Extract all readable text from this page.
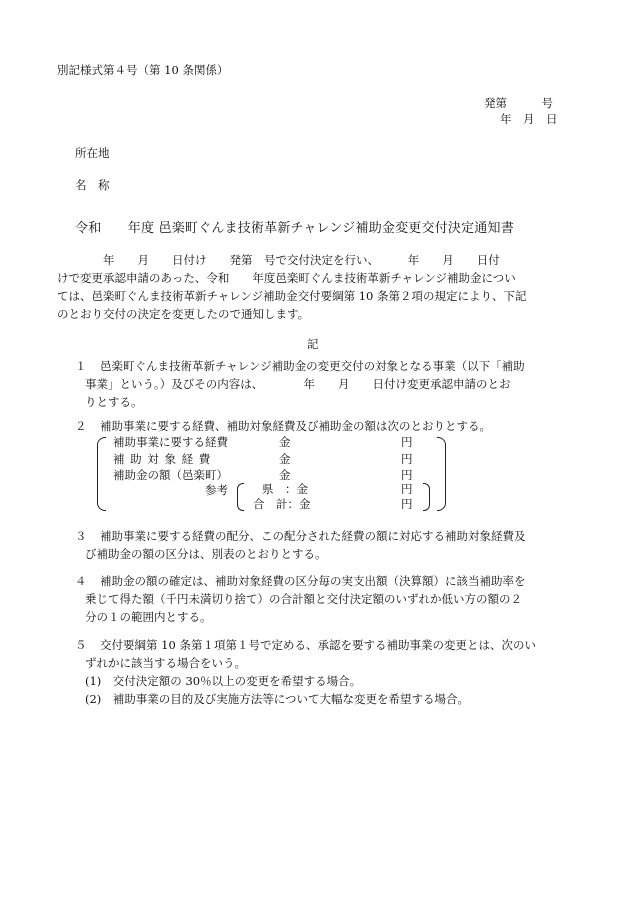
別記様式第４号（第 10 条関係）
発第　　　号
年　月　日
所在地
名　称
令和　　年度 邑楽町ぐんま技術革新チャレンジ補助金変更交付決定通知書
　　　　年　　月　　日付け　　発第　号で交付決定を行い、　　　年　　月　　日付
けで変更承認申請のあった、令和　　年度邑楽町ぐんま技術革新チャレンジ補助金につい
ては、邑楽町ぐんま技術革新チャレンジ補助金交付要綱第 10 条第２項の規定により、下記
のとおり交付の決定を変更したので通知します。
記
１ 邑楽町ぐんま技術革新チャレンジ補助金の変更交付の対象となる事業（以下「補助
事業」という。）及びその内容は、　　　　年　　月　　日付け変更承認申請のとお
りとする。
２ 補助事業に要する経費、補助対象経費及び補助金の額は次のとおりとする。
補助事業に要する経費	金	円
補 助 対 象 経 費	金	円
補助金の額（邑楽町）	金	円
参考	県　：金	円
合　計：金	円
３ 補助事業に要する経費の配分、この配分された経費の額に対応する補助対象経費及
び補助金の額の区分は、別表のとおりとする。
４ 補助金の額の確定は、補助対象経費の区分毎の実支出額（決算額）に該当補助率を
乗じて得た額（千円未満切り捨て）の合計額と交付決定額のいずれか低い方の額の２
分の１の範囲内とする。
５ 交付要綱第 10 条第１項第１号で定める、承認を要する補助事業の変更とは、次のい
ずれかに該当する場合をいう。
(1)　交付決定額の 30％以上の変更を希望する場合。
(2)　補助事業の目的及び実施方法等について大幅な変更を希望する場合。
